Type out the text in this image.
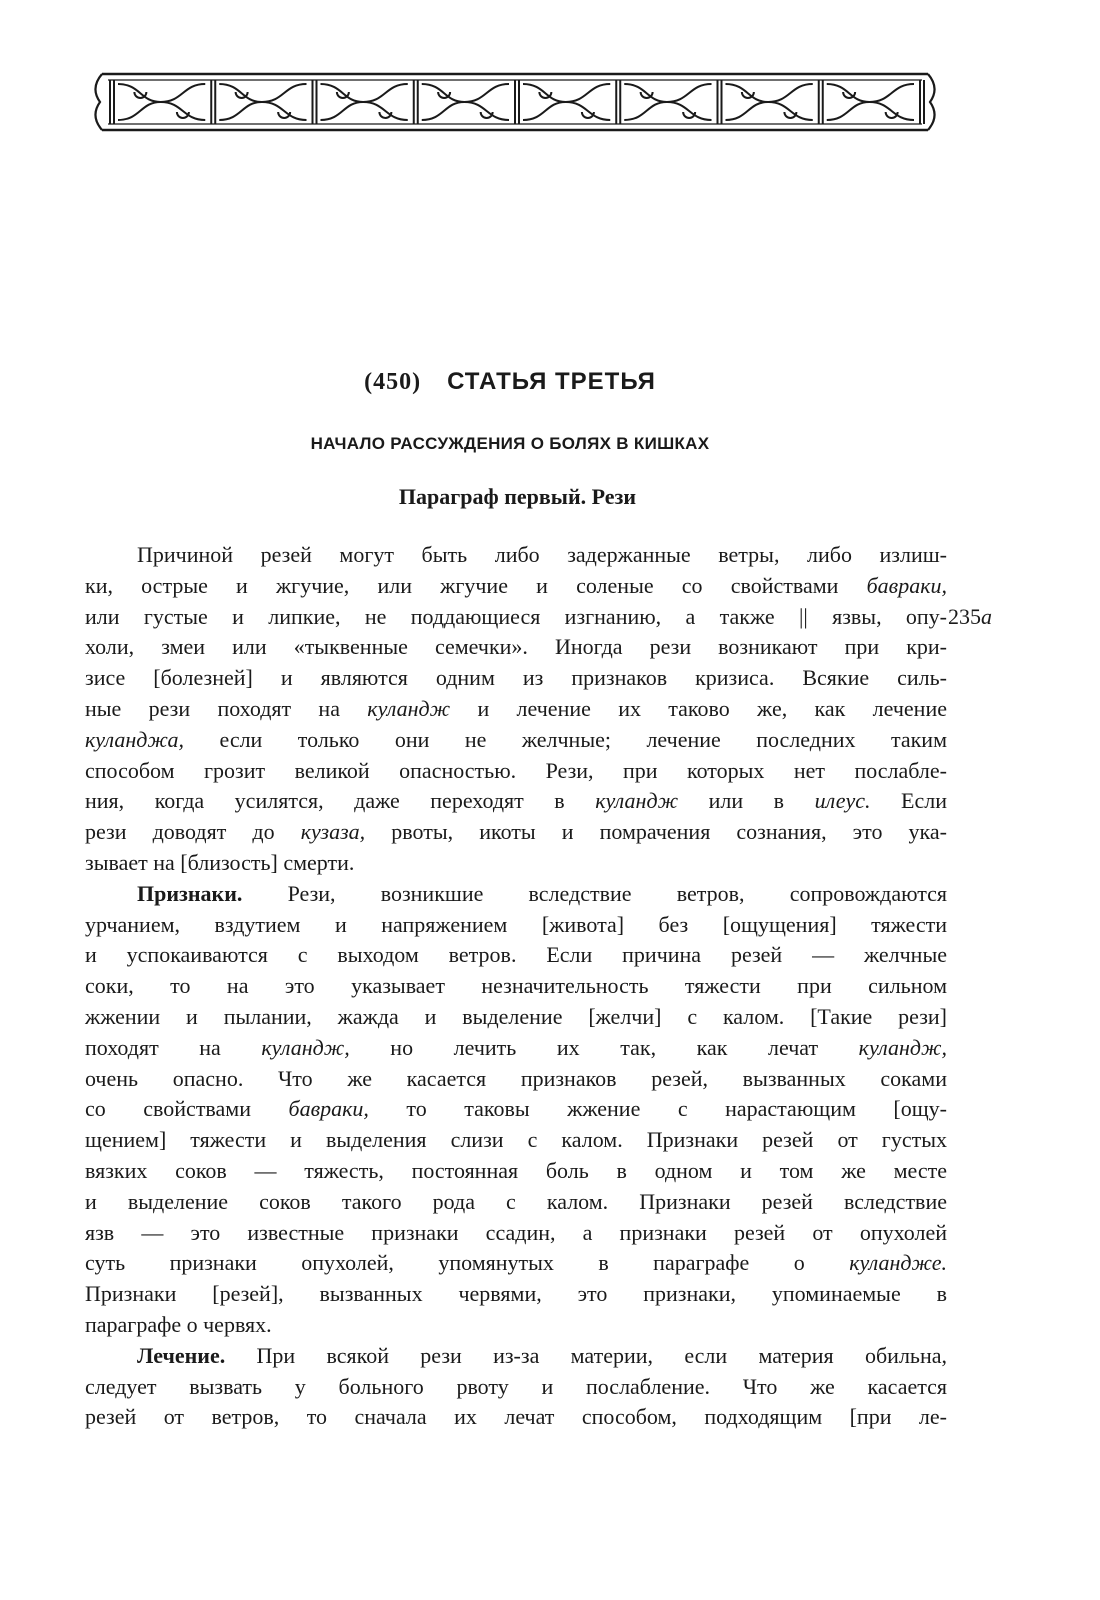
(450) СТАТЬЯ ТРЕТЬЯ
НАЧАЛО РАССУЖДЕНИЯ О БОЛЯХ В КИШКАХ
Параграф первый. Рези
Причиной резей могут быть либо задержанные ветры, либо излиш-
ки, острые и жгучие, или жгучие и соленые со свойствами бавраки,
или густые и липкие, не поддающиеся изгнанию, а также || язвы, опу-
холи, змеи или «тыквенные семечки». Иногда рези возникают при кри-
зисе [болезней] и являются одним из признаков кризиса. Всякие силь-
ные рези походят на куландж и лечение их таково же, как лечение
куланджа, если только они не желчные; лечение последних таким
способом грозит великой опасностью. Рези, при которых нет послабле-
ния, когда усилятся, даже переходят в куландж или в илеус. Если
рези доводят до кузаза, рвоты, икоты и помрачения сознания, это ука-
зывает на [близость] смерти.
Признаки. Рези, возникшие вследствие ветров, сопровождаются
урчанием, вздутием и напряжением [живота] без [ощущения] тяжести
и успокаиваются с выходом ветров. Если причина резей — желчные
соки, то на это указывает незначительность тяжести при сильном
жжении и пылании, жажда и выделение [желчи] с калом. [Такие рези]
походят на куландж, но лечить их так, как лечат куландж,
очень опасно. Что же касается признаков резей, вызванных соками
со свойствами бавраки, то таковы жжение с нарастающим [ощу-
щением] тяжести и выделения слизи с калом. Признаки резей от густых
вязких соков — тяжесть, постоянная боль в одном и том же месте
и выделение соков такого рода с калом. Признаки резей вследствие
язв — это известные признаки ссадин, а признаки резей от опухолей
суть признаки опухолей, упомянутых в параграфе о куландже.
Признаки [резей], вызванных червями, это признаки, упоминаемые в
параграфе о червях.
Лечение. При всякой рези из-за материи, если материя обильна,
следует вызвать у больного рвоту и послабление. Что же касается
резей от ветров, то сначала их лечат способом, подходящим [при ле-
235a
